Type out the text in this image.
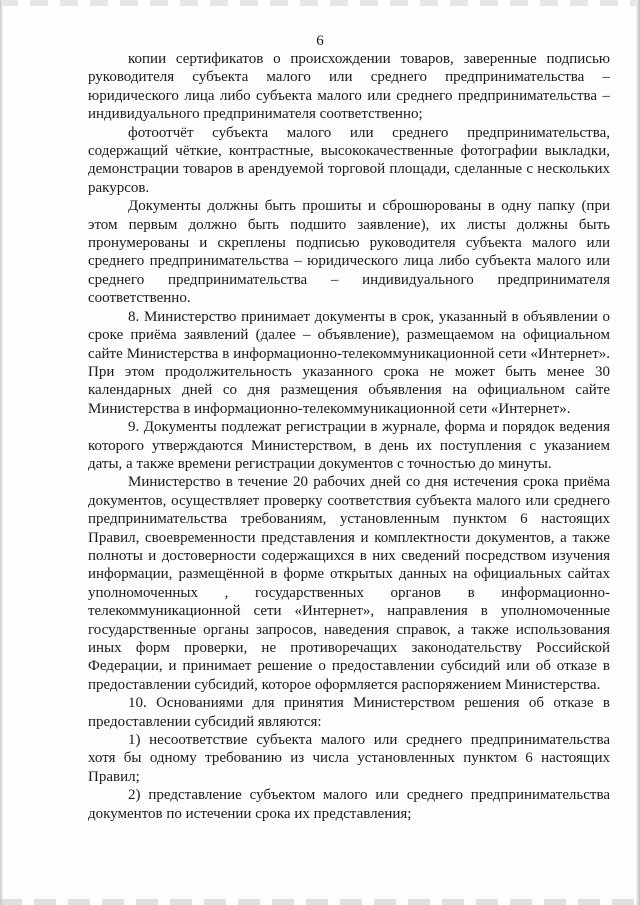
6

копии сертификатов о происхождении товаров, заверенные подписью руководителя субъекта малого или среднего предпринимательства – юридического лица либо субъекта малого или среднего предпринимательства – индивидуального предпринимателя соответственно;

фотоотчёт субъекта малого или среднего предпринимательства, содержащий чёткие, контрастные, высококачественные фотографии выкладки, демонстрации товаров в арендуемой торговой площади, сделанные с нескольких ракурсов.

Документы должны быть прошиты и сброшюрованы в одну папку (при этом первым должно быть подшито заявление), их листы должны быть пронумерованы и скреплены подписью руководителя субъекта малого или среднего предпринимательства – юридического лица либо субъекта малого или среднего предпринимательства – индивидуального предпринимателя соответственно.

8. Министерство принимает документы в срок, указанный в объявлении о сроке приёма заявлений (далее – объявление), размещаемом на официальном сайте Министерства в информационно-телекоммуникационной сети «Интернет». При этом продолжительность указанного срока не может быть менее 30 календарных дней со дня размещения объявления на официальном сайте Министерства в информационно-телекоммуникационной сети «Интернет».

9. Документы подлежат регистрации в журнале, форма и порядок ведения которого утверждаются Министерством, в день их поступления с указанием даты, а также времени регистрации документов с точностью до минуты.

Министерство в течение 20 рабочих дней со дня истечения срока приёма документов, осуществляет проверку соответствия субъекта малого или среднего предпринимательства требованиям, установленным пунктом 6 настоящих Правил, своевременности представления и комплектности документов, а также полноты и достоверности содержащихся в них сведений посредством изучения информации, размещённой в форме открытых данных на официальных сайтах уполномоченных , государственных органов в информационно-телекоммуникационной сети «Интернет», направления в уполномоченные государственные органы запросов, наведения справок, а также использования иных форм проверки, не противоречащих законодательству Российской Федерации, и принимает решение о предоставлении субсидий или об отказе в предоставлении субсидий, которое оформляется распоряжением Министерства.

10. Основаниями для принятия Министерством решения об отказе в предоставлении субсидий являются:

1) несоответствие субъекта малого или среднего предпринимательства хотя бы одному требованию из числа установленных пунктом 6 настоящих Правил;

2) представление субъектом малого или среднего предпринимательства документов по истечении срока их представления;
